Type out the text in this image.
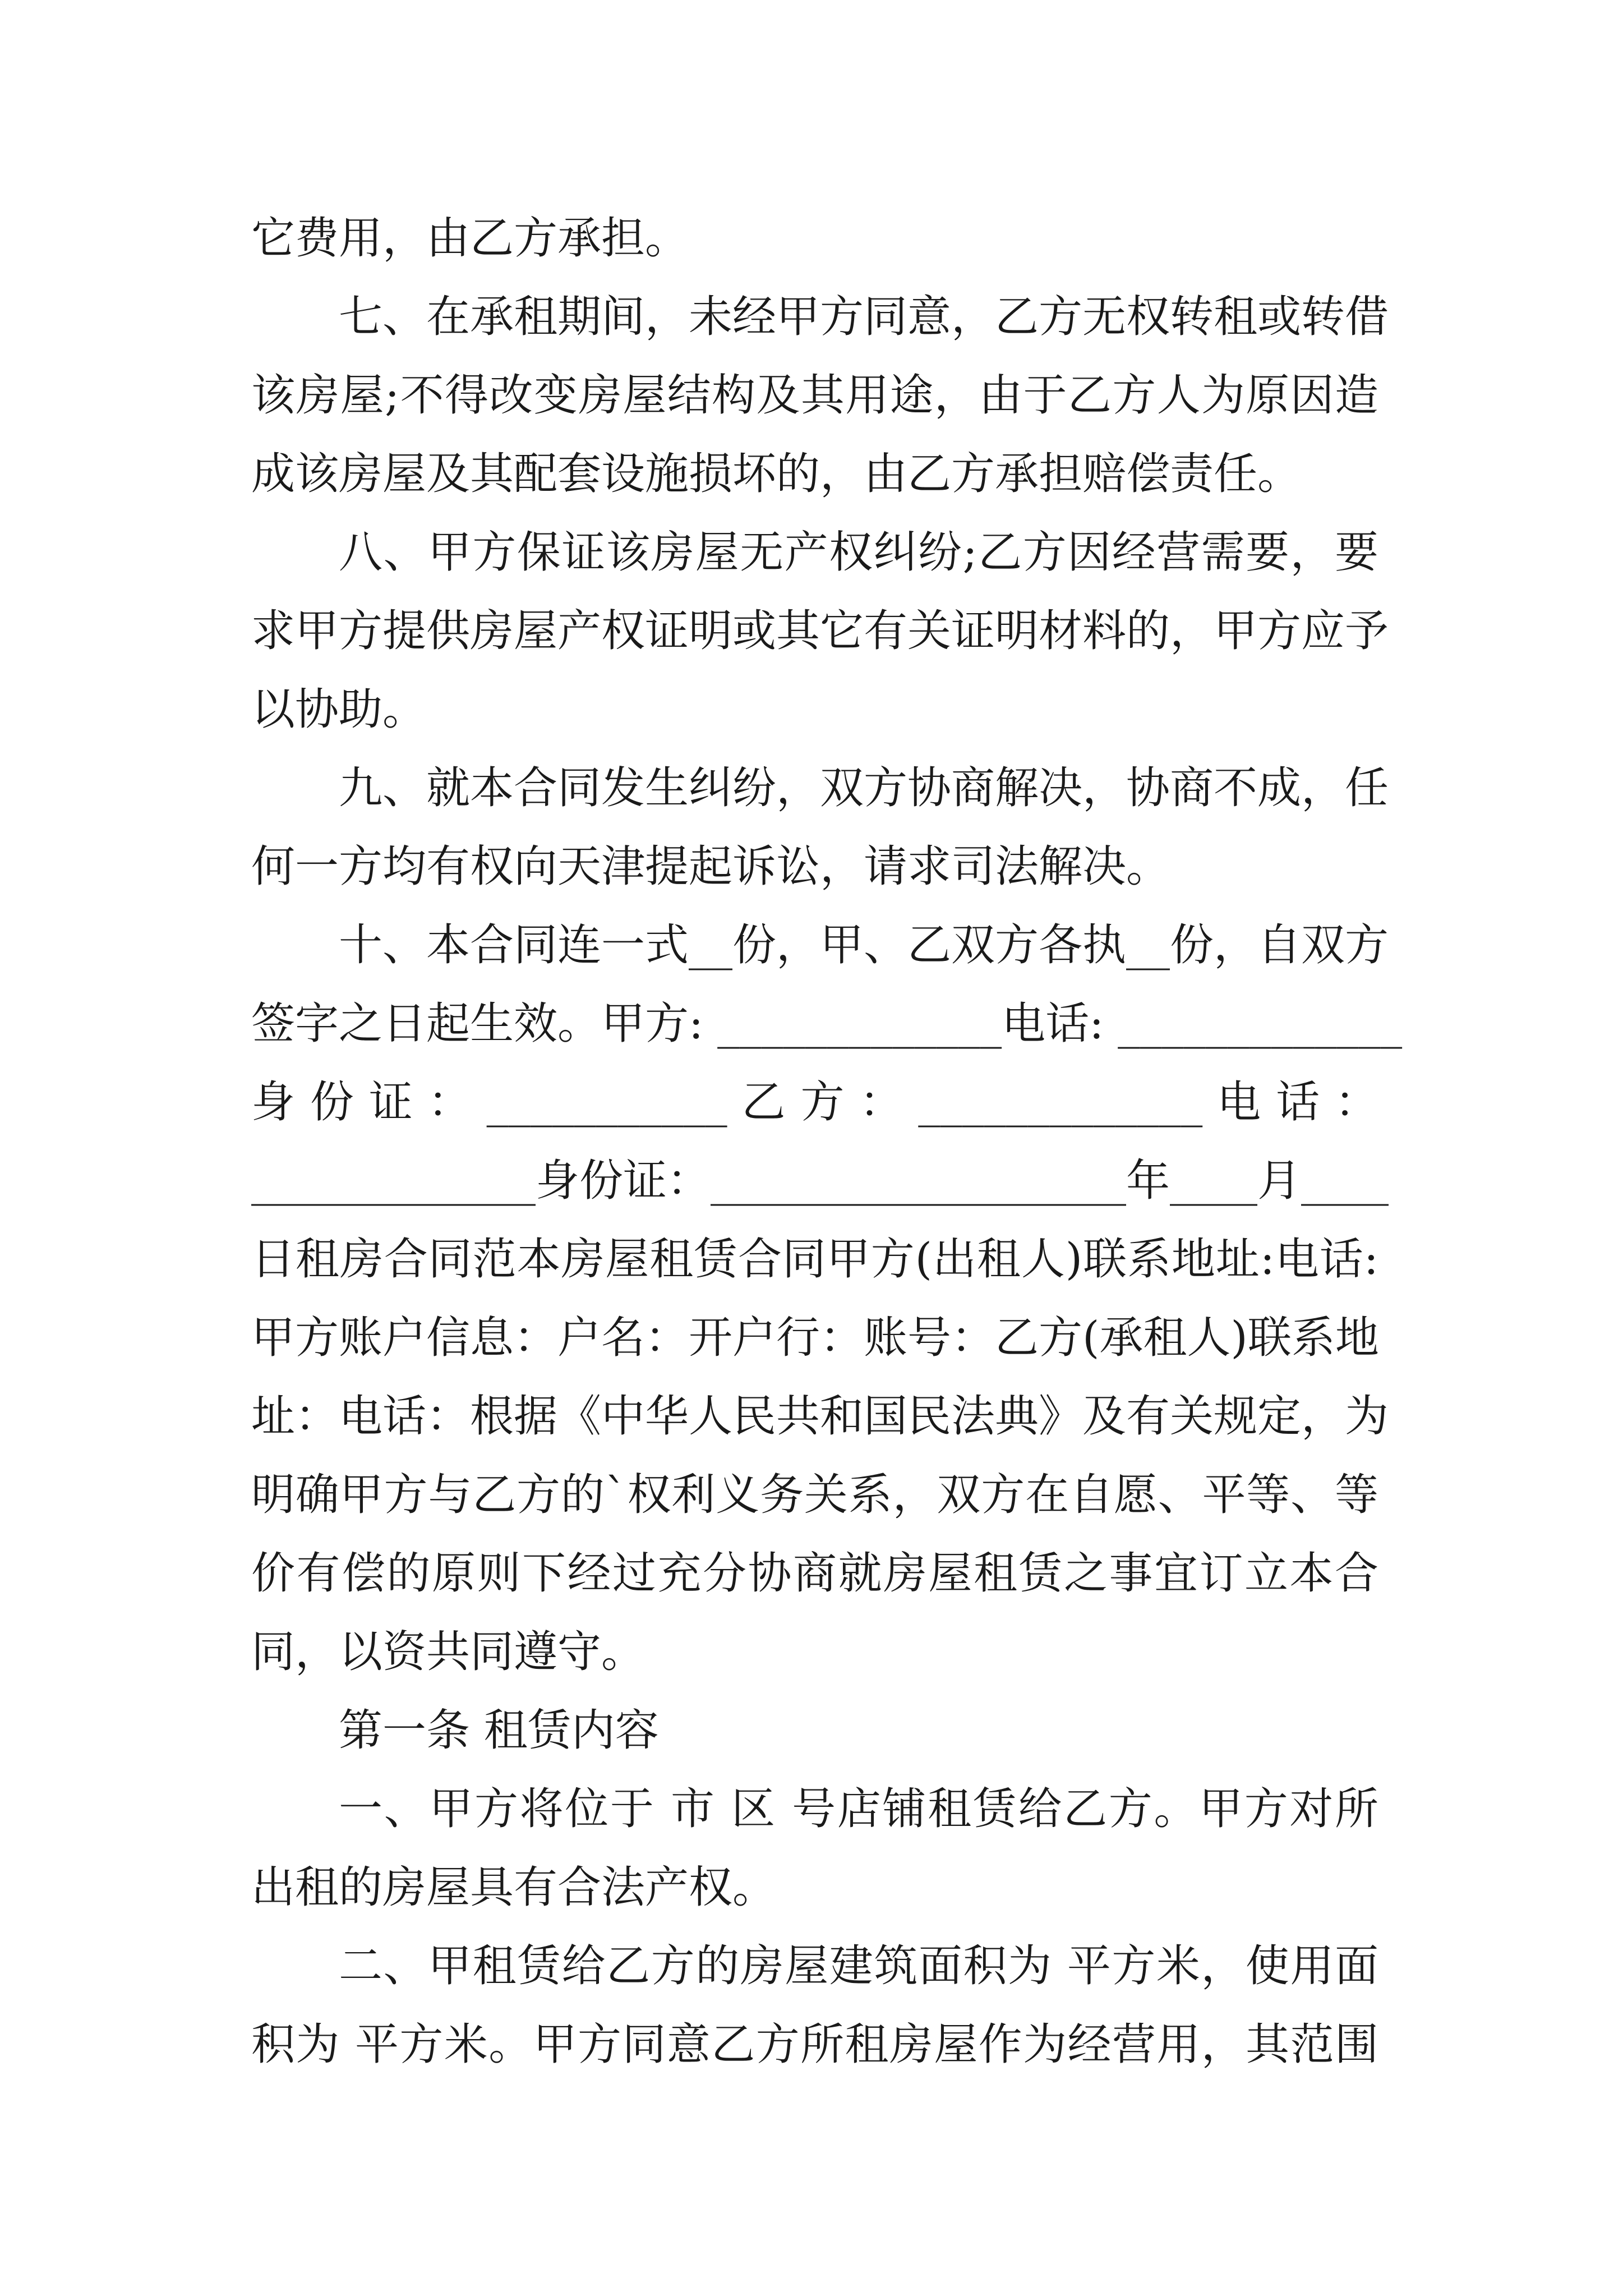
它费用，由乙方承担。
七、在承租期间，未经甲方同意，乙方无权转租或转借
该房屋;不得改变房屋结构及其用途，由于乙方人为原因造
成该房屋及其配套设施损坏的，由乙方承担赔偿责任。
八、甲方保证该房屋无产权纠纷;乙方因经营需要，要
求甲方提供房屋产权证明或其它有关证明材料的，甲方应予
以协助。
九、就本合同发生纠纷，双方协商解决，协商不成，任
何一方均有权向天津提起诉讼，请求司法解决。
十、本合同连一式__份，甲、乙双方各执__份，自双方
签字之日起生效。甲方: _____________电话: _____________
身 份 证 ： ___________ 乙 方 ： _____________ 电 话 ：
_____________身份证：___________________年____月____
日租房合同范本房屋租赁合同甲方(出租人)联系地址:电话:
甲方账户信息：户名：开户行：账号：乙方(承租人)联系地
址：电话：根据《中华人民共和国民法典》及有关规定，为
明确甲方与乙方的`权利义务关系，双方在自愿、平等、等
价有偿的原则下经过充分协商就房屋租赁之事宜订立本合
同，以资共同遵守。
第一条 租赁内容
一、甲方将位于 市 区 号店铺租赁给乙方。甲方对所
出租的房屋具有合法产权。
二、甲租赁给乙方的房屋建筑面积为 平方米，使用面
积为 平方米。甲方同意乙方所租房屋作为经营用，其范围
